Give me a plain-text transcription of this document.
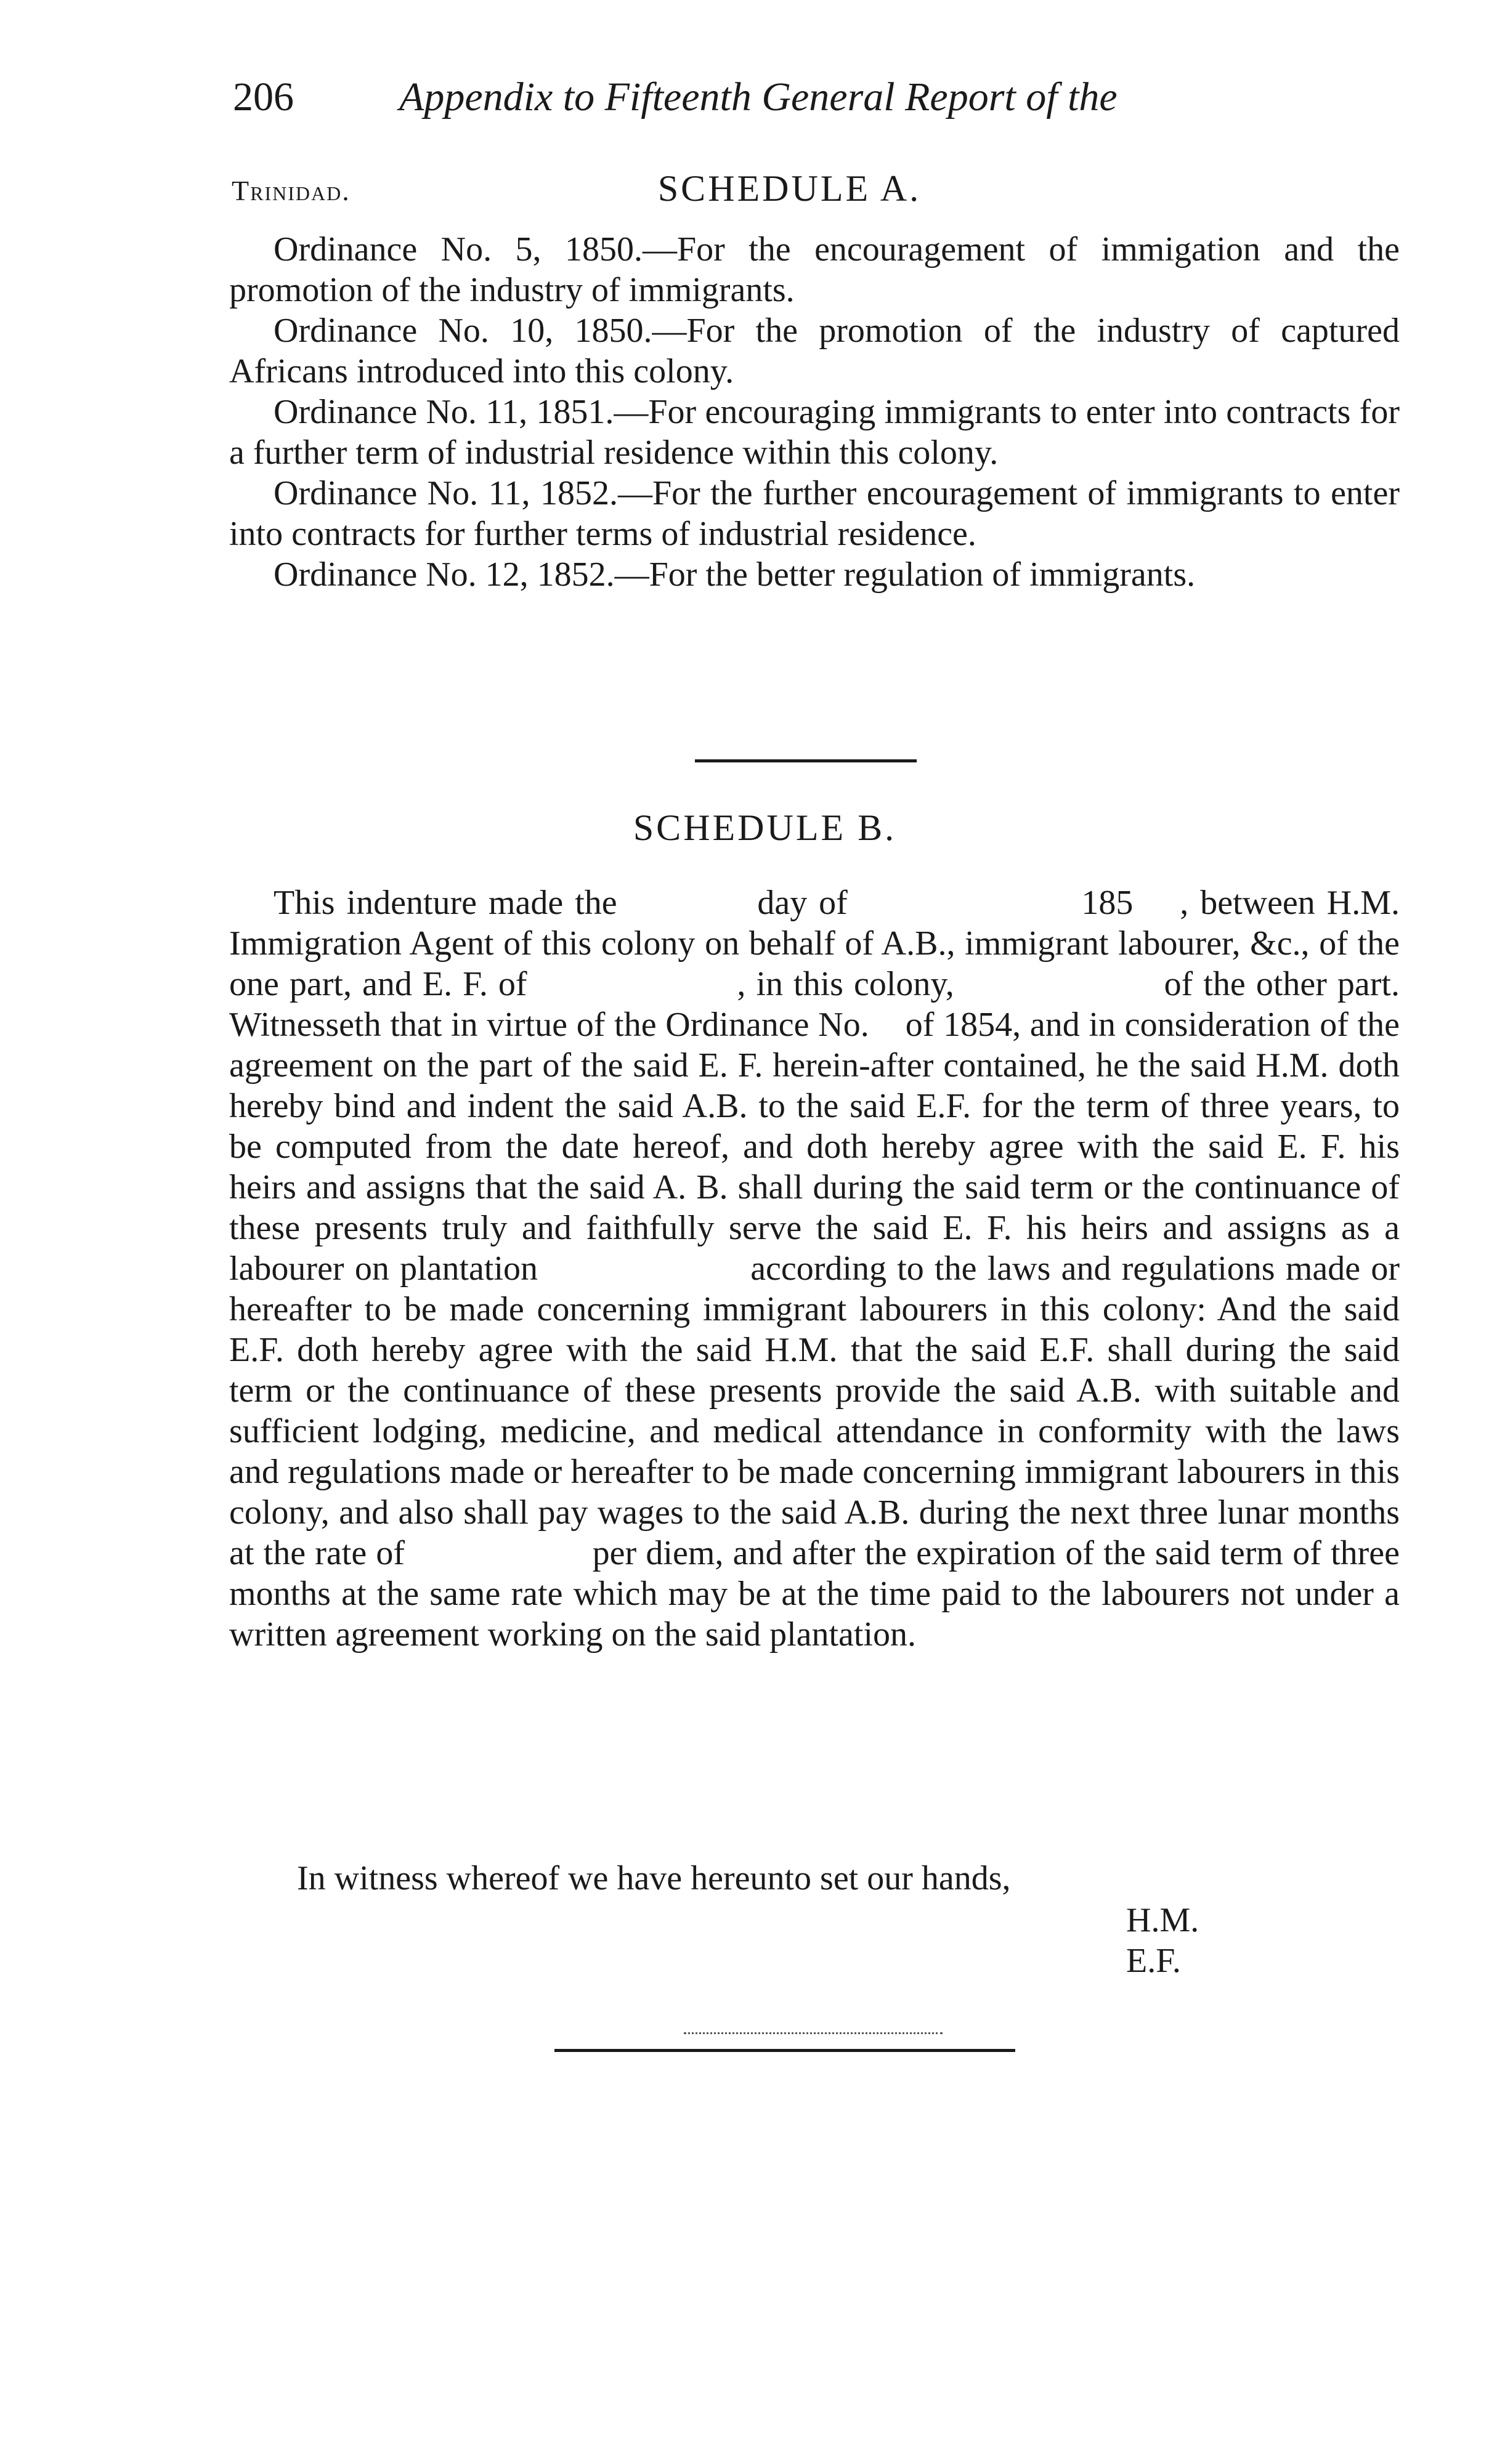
206	Appendix to Fifteenth General Report of the
Trinidad.	SCHEDULE A.

Ordinance No. 5, 1850.—For the encouragement of immigation and the promotion of the industry of immigrants.

Ordinance No. 10, 1850.—For the promotion of the industry of captured Africans introduced into this colony.

Ordinance No. 11, 1851.—For encouraging immigrants to enter into contracts for a further term of industrial residence within this colony.

Ordinance No. 11, 1852.—For the further encouragement of immigrants to enter into contracts for further terms of industrial residence.

Ordinance No. 12, 1852.—For the better regulation of immigrants.

SCHEDULE B.

This indenture made the            day of                    185    , between H.M. Immigration Agent of this colony on behalf of A.B., immigrant labourer, &c., of the one part, and E. F. of                    , in this colony,                    of the other part. Witnesseth that in virtue of the Ordinance No.    of 1854, and in consideration of the agreement on the part of the said E. F. herein-after contained, he the said H.M. doth hereby bind and indent the said A.B. to the said E.F. for the term of three years, to be computed from the date hereof, and doth hereby agree with the said E. F. his heirs and assigns that the said A. B. shall during the said term or the continuance of these presents truly and faithfully serve the said E. F. his heirs and assigns as a labourer on plantation                    according to the laws and regulations made or hereafter to be made concerning immigrant labourers in this colony: And the said E.F. doth hereby agree with the said H.M. that the said E.F. shall during the said term or the continuance of these presents provide the said A.B. with suitable and sufficient lodging, medicine, and medical attendance in conformity with the laws and regulations made or hereafter to be made concerning immigrant labourers in this colony, and also shall pay wages to the said A.B. during the next three lunar months at the rate of                    per diem, and after the expiration of the said term of three months at the same rate which may be at the time paid to the labourers not under a written agreement working on the said plantation.

In witness whereof we have hereunto set our hands,
H.M.
E.F.
